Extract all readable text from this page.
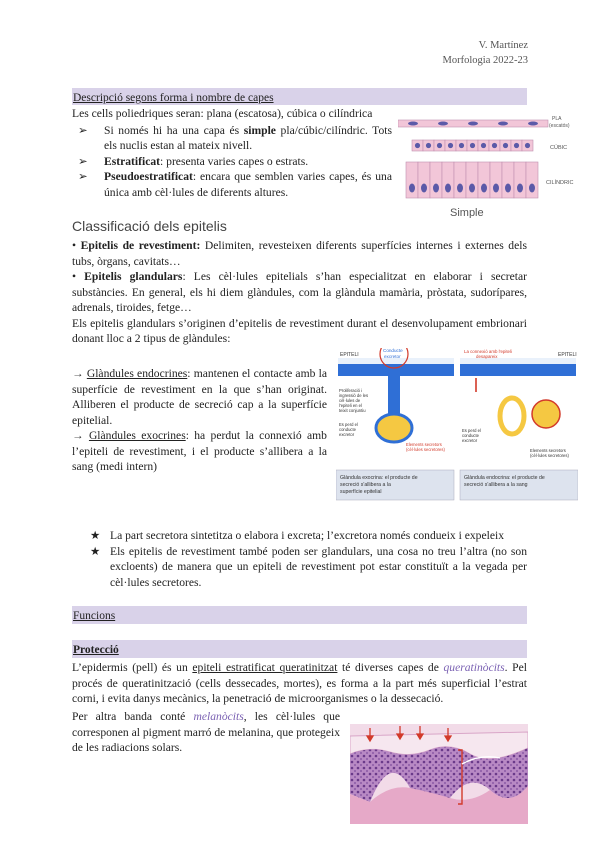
V. Martínez
Morfologia 2022-23
Descripció segons forma i nombre de capes
Les cells poliedriques seran: plana (escatosa), cúbica o cilíndrica
➢	Si només hi ha una capa és simple pla/cúbic/cilíndric. Tots els nuclis estan al mateix nivell.
➢	Estratificat: presenta varies capes o estrats.
➢	Pseudoestratificat: encara que semblen varies capes, és una única amb cèl·lules de diferents altures.
PLA
(escatós)
CÚBIC
CILÍNDRIC
Simple
Classificació dels epitelis
• Epitelis de revestiment: Delimiten, revesteixen diferents superfícies internes i externes dels tubs, òrgans, cavitats…
• Epitelis glandulars: Les cèl·lules epitelials s’han especialitzat en elaborar i secretar substàncies. En general, els hi diem glàndules, com la glàndula mamària, pròstata, sudorípares, adrenals, tiroides, fetge…
Els epitelis glandulars s’originen d’epitelis de revestiment durant el desenvolupament embrionari donant lloc a 2 tipus de glàndules:
→ Glàndules endocrines: mantenen el contacte amb la superfície de revestiment en la que s’han originat. Alliberen el producte de secreció cap a la superfície epitelial.
→ Glàndules exocrines: ha perdut la connexió amb l’epiteli de revestiment, i el producte s’allibera a la sang (medi intern)
EPITELI
Conducte excretor
Proliferació i ingressió de les cèl·lules de l'epiteli en el teixit conjuntiu
Elements secretors (cèl·lules secretores)
Es perd el conducte excretor
EPITELI
La connexió amb l'epiteli desapareix
Es perd el conducte excretor
Elements secretors (cèl·lules secretores)
Glàndula exocrina: el producte de secreció s'allibera a la superfície epitelial
Glàndula endocrina: el producte de secreció s'allibera a la sang
★ La part secretora sintetitza o elabora i excreta; l’excretora només condueix i expeleix
★ Els epitelis de revestiment també poden ser glandulars, una cosa no treu l’altra (no son excloents) de manera que un epiteli de revestiment pot estar constituït a la vegada per cèl·lules secretores.
Funcions
Protecció
L’epidermis (pell) és un epiteli estratificat queratinitzat té diverses capes de queratinòcits. Pel procés de queratinització (cells dessecades, mortes), es forma a la part més superficial l’estrat corni, i evita danys mecànics, la penetració de microorganismes o la dessecació.
Per altra banda conté melanòcits, les cèl·lules que corresponen al pigment marró de melanina, que protegeix de les radiacions solars.
